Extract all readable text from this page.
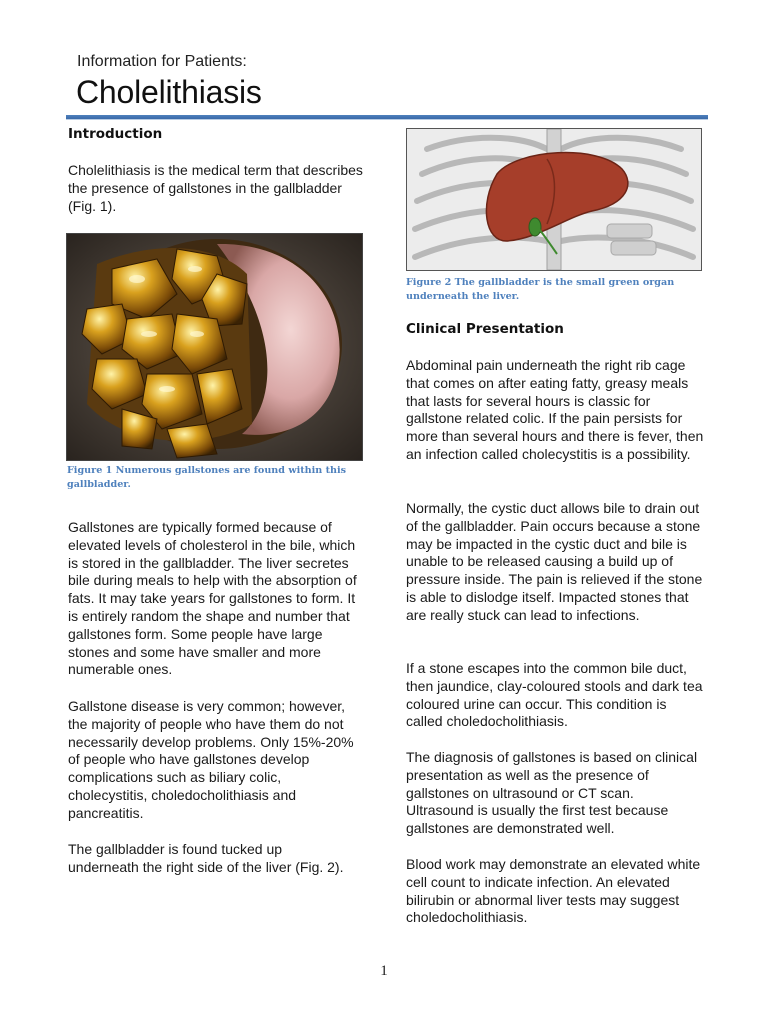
Information for Patients:
Cholelithiasis
Introduction

Cholelithiasis is the medical term that describes the presence of gallstones in the gallbladder (Fig. 1).

Figure 1 Numerous gallstones are found within this gallbladder.

Gallstones are typically formed because of elevated levels of cholesterol in the bile, which is stored in the gallbladder. The liver secretes bile during meals to help with the absorption of fats. It may take years for gallstones to form. It is entirely random the shape and number that gallstones form. Some people have large stones and some have smaller and more numerable ones.

Gallstone disease is very common; however, the majority of people who have them do not necessarily develop problems. Only 15%-20% of people who have gallstones develop complications such as biliary colic, cholecystitis, choledocholithiasis and pancreatitis.

The gallbladder is found tucked up underneath the right side of the liver (Fig. 2).

Figure 2 The gallbladder is the small green organ underneath the liver.
Clinical Presentation

Abdominal pain underneath the right rib cage that comes on after eating fatty, greasy meals that lasts for several hours is classic for gallstone related colic. If the pain persists for more than several hours and there is fever, then an infection called cholecystitis is a possibility.

Normally, the cystic duct allows bile to drain out of the gallbladder. Pain occurs because a stone may be impacted in the cystic duct and bile is unable to be released causing a build up of pressure inside. The pain is relieved if the stone is able to dislodge itself. Impacted stones that are really stuck can lead to infections.

If a stone escapes into the common bile duct, then jaundice, clay-coloured stools and dark tea coloured urine can occur. This condition is called choledocholithiasis.

The diagnosis of gallstones is based on clinical presentation as well as the presence of gallstones on ultrasound or CT scan. Ultrasound is usually the first test because gallstones are demonstrated well.

Blood work may demonstrate an elevated white cell count to indicate infection. An elevated bilirubin or abnormal liver tests may suggest choledocholithiasis.

1
